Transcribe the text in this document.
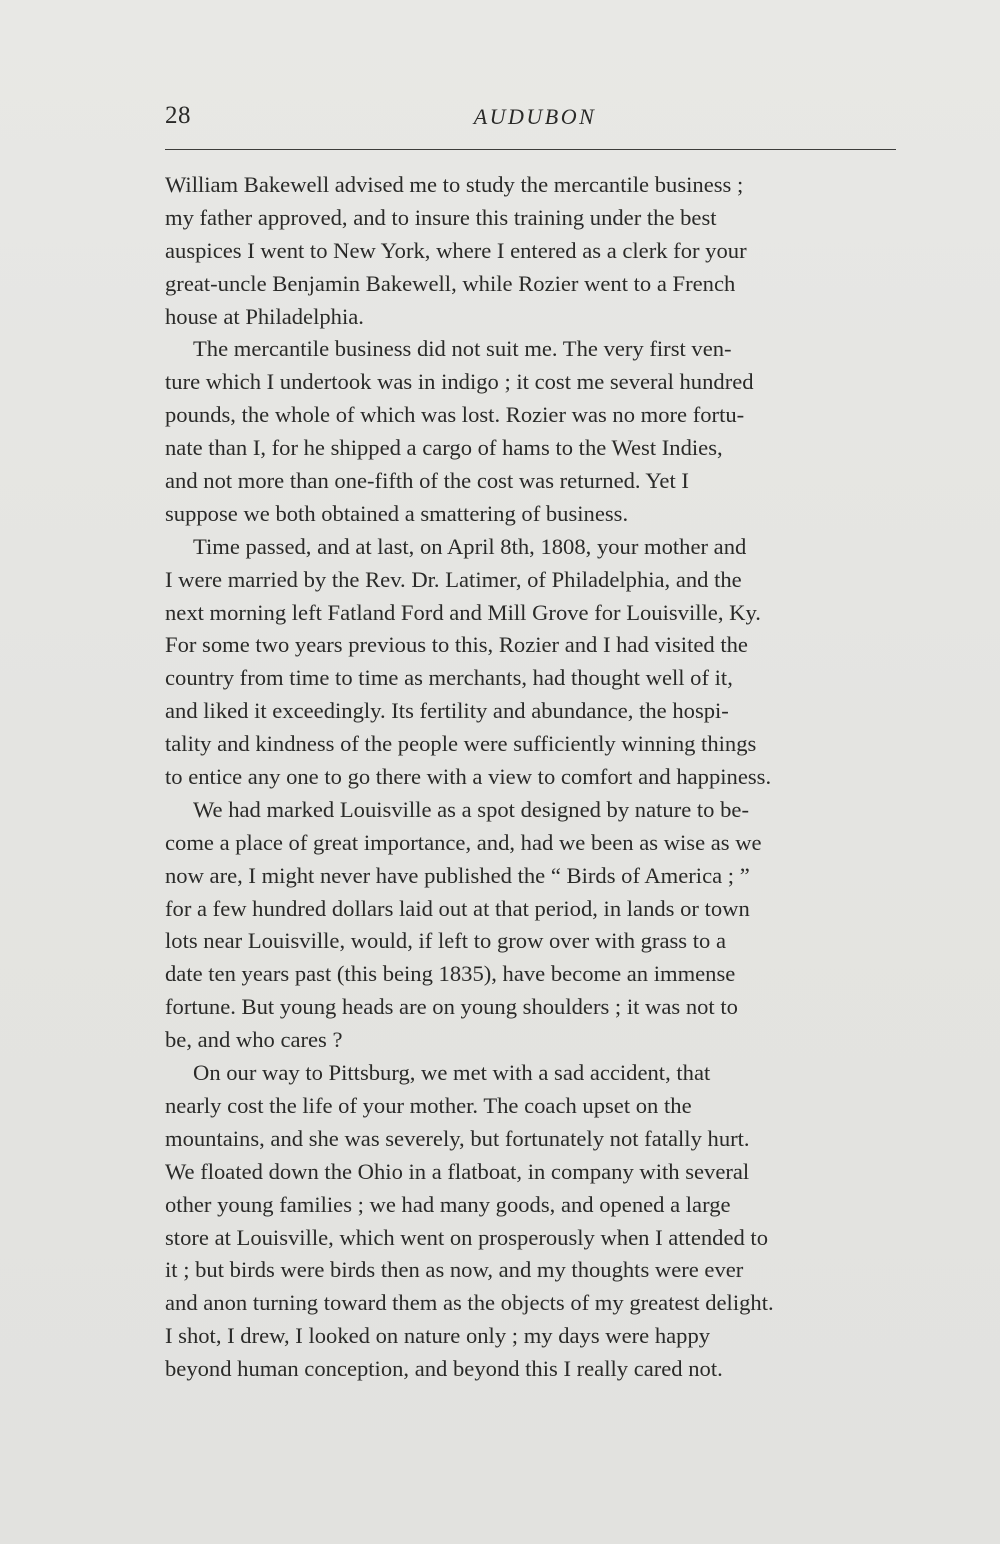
28	AUDUBON

William Bakewell advised me to study the mercantile business ;
my father approved, and to insure this training under the best
auspices I went to New York, where I entered as a clerk for your
great-uncle Benjamin Bakewell, while Rozier went to a French
house at Philadelphia.

The mercantile business did not suit me. The very first ven-
ture which I undertook was in indigo ; it cost me several hundred
pounds, the whole of which was lost. Rozier was no more fortu-
nate than I, for he shipped a cargo of hams to the West Indies,
and not more than one-fifth of the cost was returned. Yet I
suppose we both obtained a smattering of business.

Time passed, and at last, on April 8th, 1808, your mother and
I were married by the Rev. Dr. Latimer, of Philadelphia, and the
next morning left Fatland Ford and Mill Grove for Louisville, Ky.
For some two years previous to this, Rozier and I had visited the
country from time to time as merchants, had thought well of it,
and liked it exceedingly. Its fertility and abundance, the hospi-
tality and kindness of the people were sufficiently winning things
to entice any one to go there with a view to comfort and happiness.

We had marked Louisville as a spot designed by nature to be-
come a place of great importance, and, had we been as wise as we
now are, I might never have published the “ Birds of America ; ”
for a few hundred dollars laid out at that period, in lands or town
lots near Louisville, would, if left to grow over with grass to a
date ten years past (this being 1835), have become an immense
fortune. But young heads are on young shoulders ; it was not to
be, and who cares ?

On our way to Pittsburg, we met with a sad accident, that
nearly cost the life of your mother. The coach upset on the
mountains, and she was severely, but fortunately not fatally hurt.
We floated down the Ohio in a flatboat, in company with several
other young families ; we had many goods, and opened a large
store at Louisville, which went on prosperously when I attended to
it ; but birds were birds then as now, and my thoughts were ever
and anon turning toward them as the objects of my greatest delight.
I shot, I drew, I looked on nature only ; my days were happy
beyond human conception, and beyond this I really cared not.
